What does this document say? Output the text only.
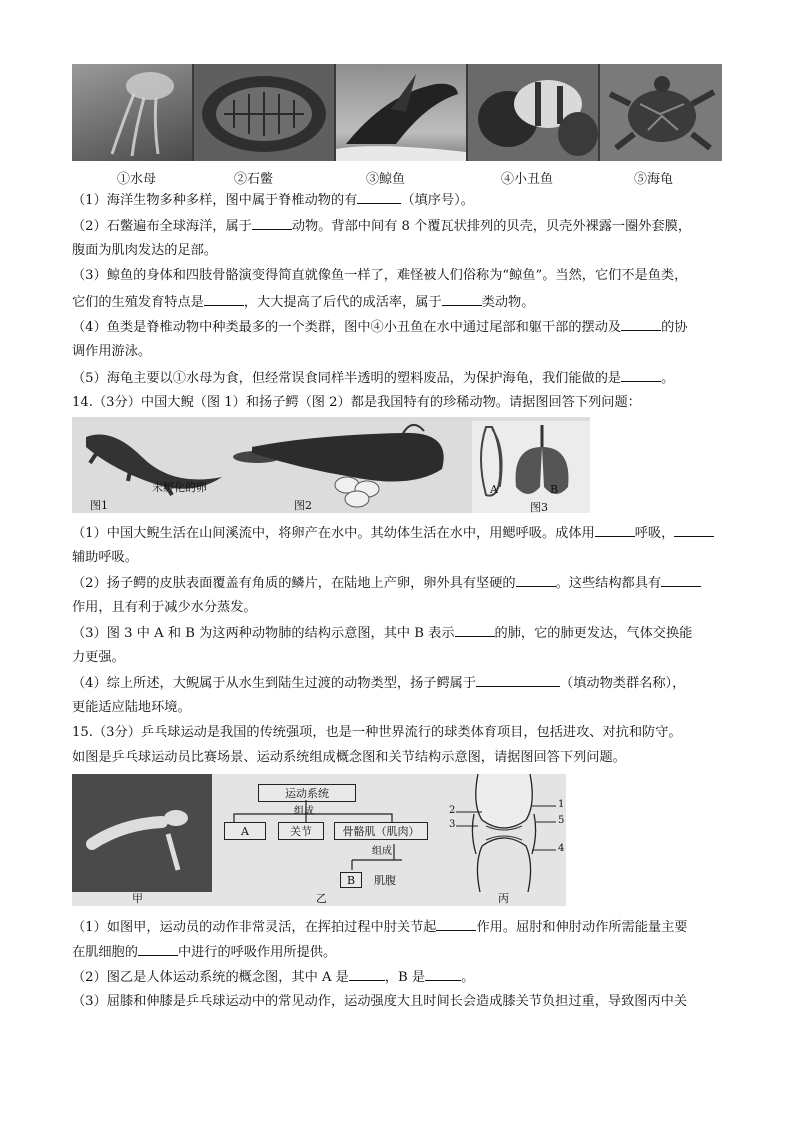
①水母	②石鳖	③鲸鱼	④小丑鱼	⑤海龟
（1）海洋生物多种多样，图中属于脊椎动物的有	（填序号）。
（2）石鳖遍布全球海洋，属于	动物。背部中间有 8 个覆瓦状排列的贝壳，贝壳外裸露一圈外套膜，
腹面为肌肉发达的足部。
（3）鲸鱼的身体和四肢骨骼演变得简直就像鱼一样了，难怪被人们俗称为“鲸鱼”。当然，它们不是鱼类，
它们的生殖发育特点是	，大大提高了后代的成活率，属于	类动物。
（4）鱼类是脊椎动物中种类最多的一个类群，图中④小丑鱼在水中通过尾部和躯干部的摆动及	的协
调作用游泳。
（5）海龟主要以①水母为食，但经常误食同样半透明的塑料废品，为保护海龟，我们能做的是	。
14.（3分）中国大鲵（图 1）和扬子鳄（图 2）都是我国特有的珍稀动物。请据图回答下列问题：
图1
未孵化的卵
图2
A	B
图3
（1）中国大鲵生活在山间溪流中，将卵产在水中。其幼体生活在水中，用鳃呼吸。成体用	呼吸，
辅助呼吸。
（2）扬子鳄的皮肤表面覆盖有角质的鳞片，在陆地上产卵，卵外具有坚硬的	。这些结构都具有
作用，且有利于减少水分蒸发。
（3）图 3 中 A 和 B 为这两种动物肺的结构示意图，其中 B 表示	的肺，它的肺更发达，气体交换能
力更强。
（4）综上所述，大鲵属于从水生到陆生过渡的动物类型，扬子鳄属于	（填动物类群名称），
更能适应陆地环境。
15.（3分）乒乓球运动是我国的传统强项，也是一种世界流行的球类体育项目，包括进攻、对抗和防守。
如图是乒乓球运动员比赛场景、运动系统组成概念图和关节结构示意图，请据图回答下列问题。
运动系统
组成
A	关节	骨骼肌（肌肉）
组成
B	肌腹
2
3
1
5
4
甲	乙	丙
（1）如图甲，运动员的动作非常灵活，在挥拍过程中肘关节起	作用。屈肘和伸肘动作所需能量主要
在肌细胞的	中进行的呼吸作用所提供。
（2）图乙是人体运动系统的概念图，其中 A 是	，B 是	。
（3）屈膝和伸膝是乒乓球运动中的常见动作，运动强度大且时间长会造成膝关节负担过重，导致图丙中关
